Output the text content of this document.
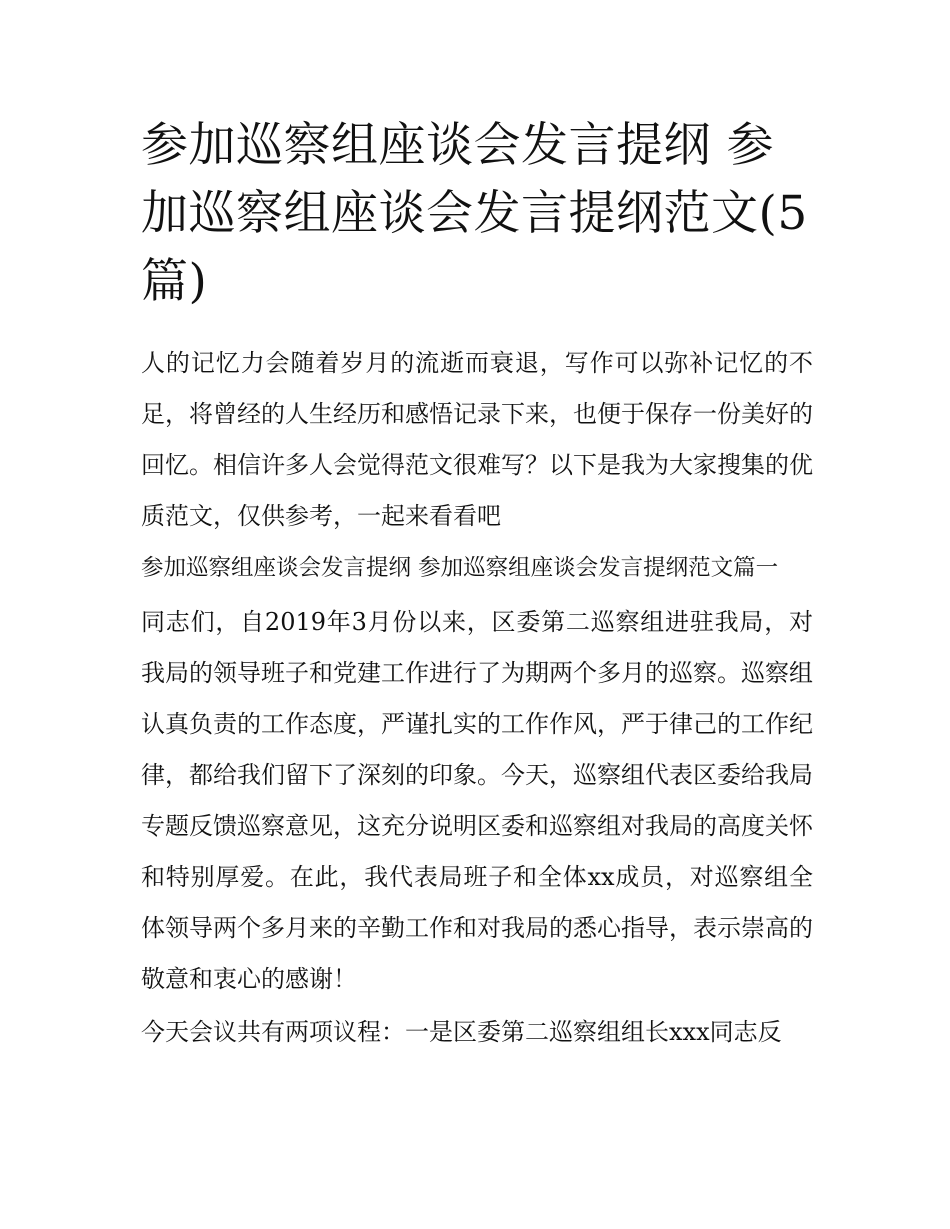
参加巡察组座谈会发言提纲 参加巡察组座谈会发言提纲范文(5篇)

人的记忆力会随着岁月的流逝而衰退，写作可以弥补记忆的不足，将曾经的人生经历和感悟记录下来，也便于保存一份美好的回忆。相信许多人会觉得范文很难写？以下是我为大家搜集的优质范文，仅供参考，一起来看看吧

参加巡察组座谈会发言提纲 参加巡察组座谈会发言提纲范文篇一

同志们，自2019年3月份以来，区委第二巡察组进驻我局，对我局的领导班子和党建工作进行了为期两个多月的巡察。巡察组认真负责的工作态度，严谨扎实的工作作风，严于律己的工作纪律，都给我们留下了深刻的印象。今天，巡察组代表区委给我局专题反馈巡察意见，这充分说明区委和巡察组对我局的高度关怀和特别厚爱。在此，我代表局班子和全体xx成员，对巡察组全体领导两个多月来的辛勤工作和对我局的悉心指导，表示崇高的敬意和衷心的感谢！

今天会议共有两项议程：一是区委第二巡察组组长xxx同志反
